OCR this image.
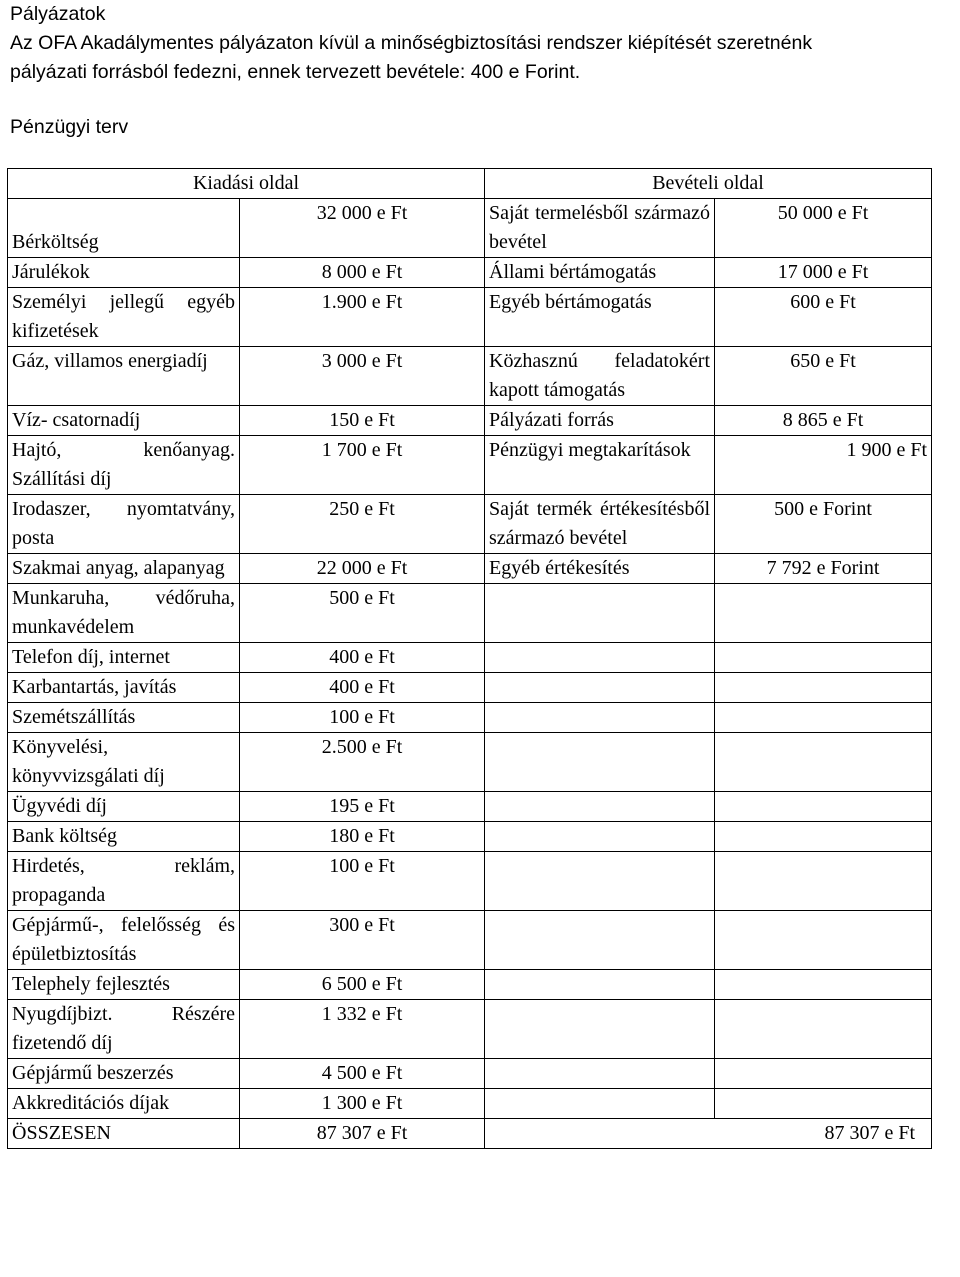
Pályázatok

Az OFA Akadálymentes pályázaton kívül a minőségbiztosítási rendszer kiépítését szeretnénk

pályázati forrásból fedezni, ennek tervezett bevétele: 400 e Forint.

Pénzügyi terv
Kiadási oldal		Bevételi oldal	
Bérköltség	32 000 e Ft	Saját termelésből származó bevétel	50 000 e Ft
Járulékok	8 000 e Ft	Állami bértámogatás	17 000 e Ft
Személyi jellegű egyéb kifizetések	1.900 e Ft	Egyéb bértámogatás	600 e Ft
Gáz, villamos energiadíj	3 000 e Ft	Közhasznú feladatokért kapott támogatás	650 e Ft
Víz- csatornadíj	150 e Ft	Pályázati forrás	8 865 e Ft
Hajtó, kenőanyag. Szállítási díj	1 700 e Ft	Pénzügyi megtakarítások	1 900 e Ft
Irodaszer, nyomtatvány, posta	250 e Ft	Saját termék értékesítésből származó bevétel	500 e Forint
Szakmai anyag, alapanyag	22 000 e Ft	Egyéb értékesítés	7 792 e Forint
Munkaruha, védőruha, munkavédelem	500 e Ft		
Telefon díj, internet	400 e Ft		
Karbantartás, javítás	400 e Ft		
Szemétszállítás	100 e Ft		
Könyvelési, könyvvizsgálati díj	2.500 e Ft		
Ügyvédi díj	195 e Ft		
Bank költség	180 e Ft		
Hirdetés, reklám, propaganda	100 e Ft		
Gépjármű-, felelősség és épületbiztosítás	300 e Ft		
Telephely fejlesztés	6 500 e Ft		
Nyugdíjbizt. Részére fizetendő díj	1 332 e Ft		
Gépjármű beszerzés	4 500 e Ft		
Akkreditációs díjak	1 300 e Ft		
ÖSSZESEN	87 307 e Ft	87 307 e Ft	
